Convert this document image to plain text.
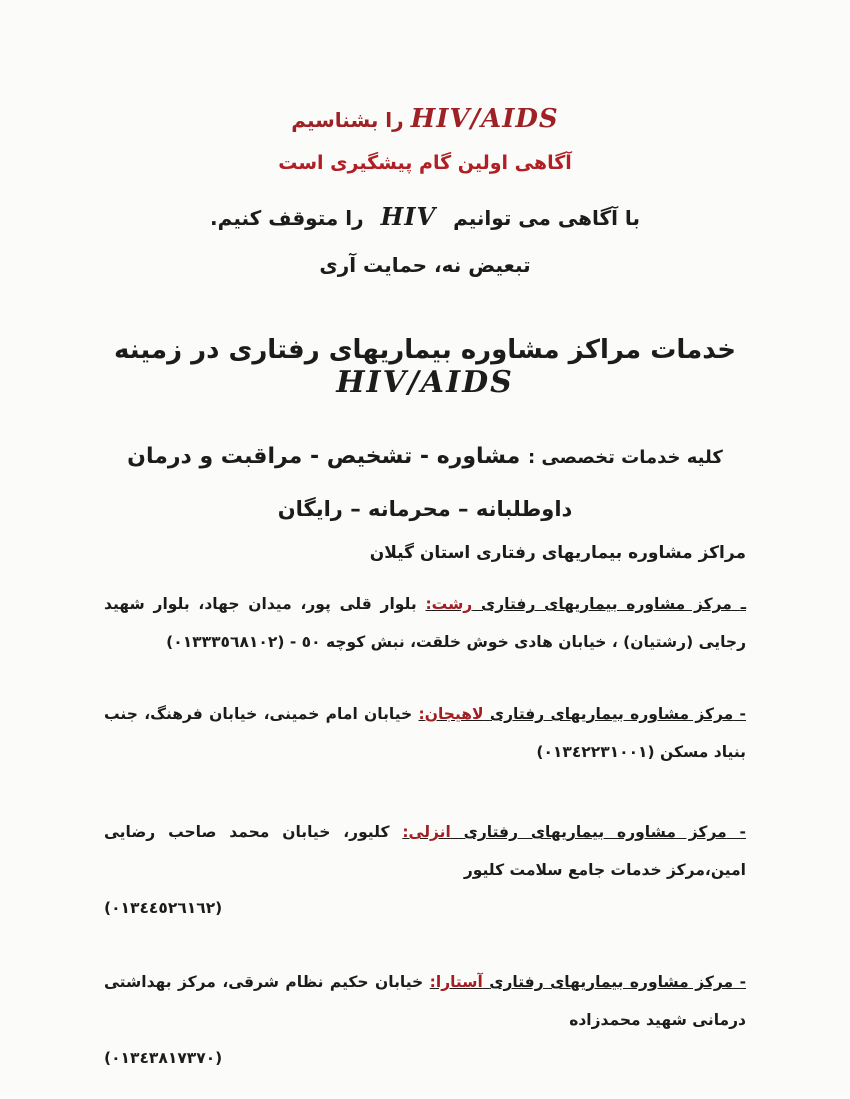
HIV/AIDS را بشناسیم

آگاهی اولین گام پیشگیری است

با آگاهی می توانیم HIV را متوقف کنیم.

تبعیض نه، حمایت آری

خدمات مراکز مشاوره بیماریهای رفتاری در زمینه HIV/AIDS

کلیه خدمات تخصصی : مشاوره - تشخیص - مراقبت و درمان

داوطلبانه – محرمانه – رایگان

مراکز مشاوره بیماریهای رفتاری استان گیلان

ـ مرکز مشاوره بیماریهای رفتاری رشت: بلوار قلی پور، میدان جهاد، بلوار شهید رجایی (رشتیان) ، خیابان هادی خوش خلقت، نبش کوچه ٥٠ - (٠١٣٣٣٥٦٨١٠٢)

- مرکز مشاوره بیماریهای رفتاری لاهیجان: خیابان امام خمینی، خیابان فرهنگ، جنب بنیاد مسکن (٠١٣٤٢٢٣١٠٠١)

- مرکز مشاوره بیماریهای رفتاری انزلی: کلیور، خیابان محمد صاحب رضایی امین،مرکز خدمات جامع سلامت کلیور

(٠١٣٤٤٥٢٦١٦٢)

- مرکز مشاوره بیماریهای رفتاری آستارا: خیابان حکیم نظام شرقی، مرکز بهداشتی درمانی شهید محمدزاده

(٠١٣٤٣٨١٧٣٧٠)
